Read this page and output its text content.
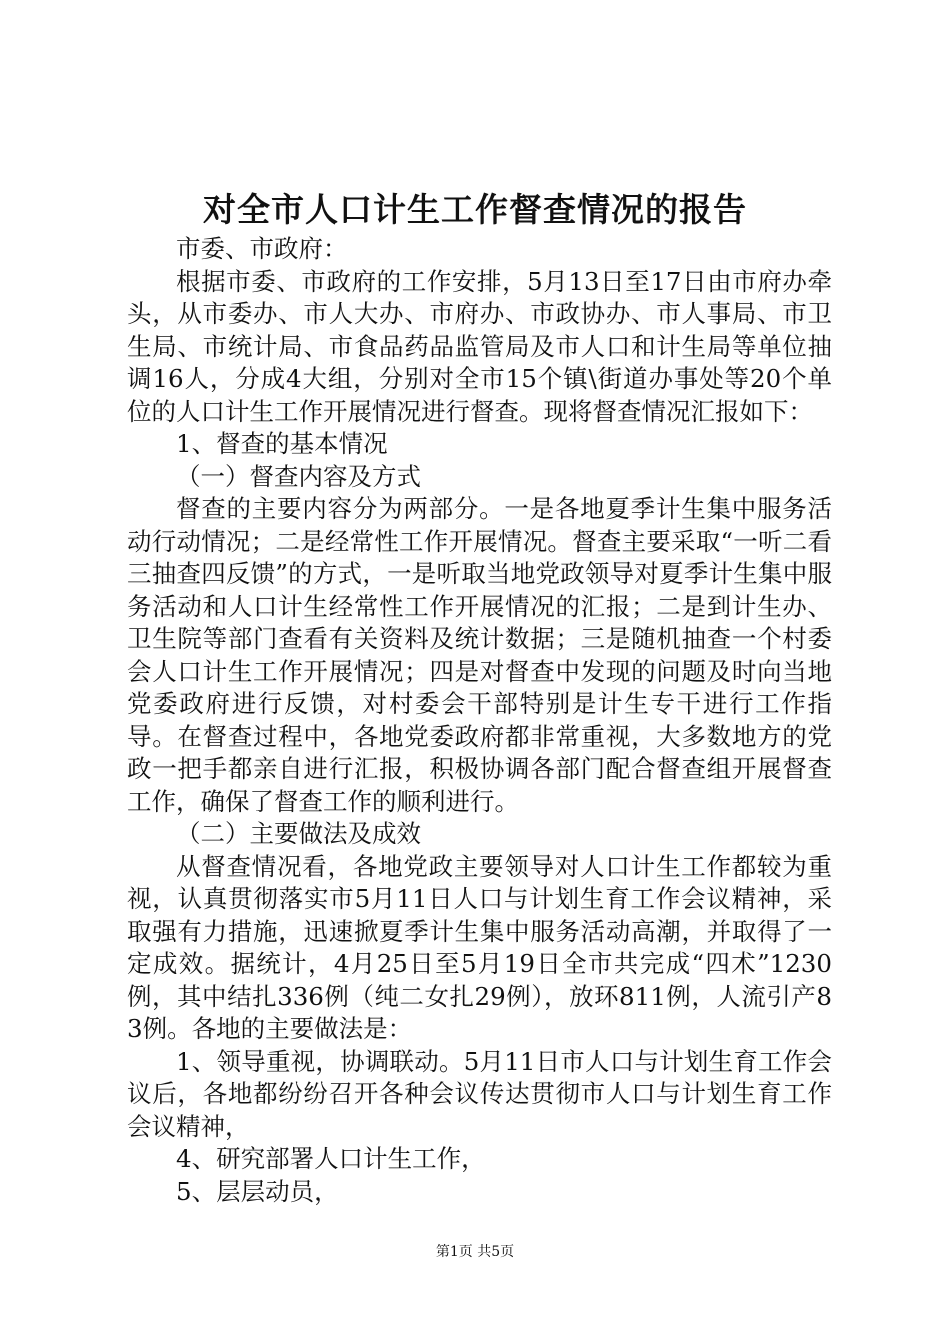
对全市人口计生工作督查情况的报告

市委、市政府：

根据市委、市政府的工作安排，5月13日至17日由市府办牵头，从市委办、市人大办、市府办、市政协办、市人事局、市卫生局、市统计局、市食品药品监管局及市人口和计生局等单位抽调16人，分成4大组，分别对全市15个镇\街道办事处等20个单位的人口计生工作开展情况进行督查。现将督查情况汇报如下：

1、督查的基本情况

（一）督查内容及方式

督查的主要内容分为两部分。一是各地夏季计生集中服务活动行动情况；二是经常性工作开展情况。督查主要采取“一听二看三抽查四反馈”的方式，一是听取当地党政领导对夏季计生集中服务活动和人口计生经常性工作开展情况的汇报；二是到计生办、卫生院等部门查看有关资料及统计数据；三是随机抽查一个村委会人口计生工作开展情况；四是对督查中发现的问题及时向当地党委政府进行反馈，对村委会干部特别是计生专干进行工作指导。在督查过程中，各地党委政府都非常重视，大多数地方的党政一把手都亲自进行汇报，积极协调各部门配合督查组开展督查工作，确保了督查工作的顺利进行。

（二）主要做法及成效

从督查情况看，各地党政主要领导对人口计生工作都较为重视，认真贯彻落实市5月11日人口与计划生育工作会议精神，采取强有力措施，迅速掀夏季计生集中服务活动高潮，并取得了一定成效。据统计，4月25日至5月19日全市共完成“四术”1230例，其中结扎336例（纯二女扎29例），放环811例，人流引产83例。各地的主要做法是：

1、领导重视，协调联动。5月11日市人口与计划生育工作会议后，各地都纷纷召开各种会议传达贯彻市人口与计划生育工作会议精神，

4、研究部署人口计生工作，

5、层层动员，

第1页 共5页
